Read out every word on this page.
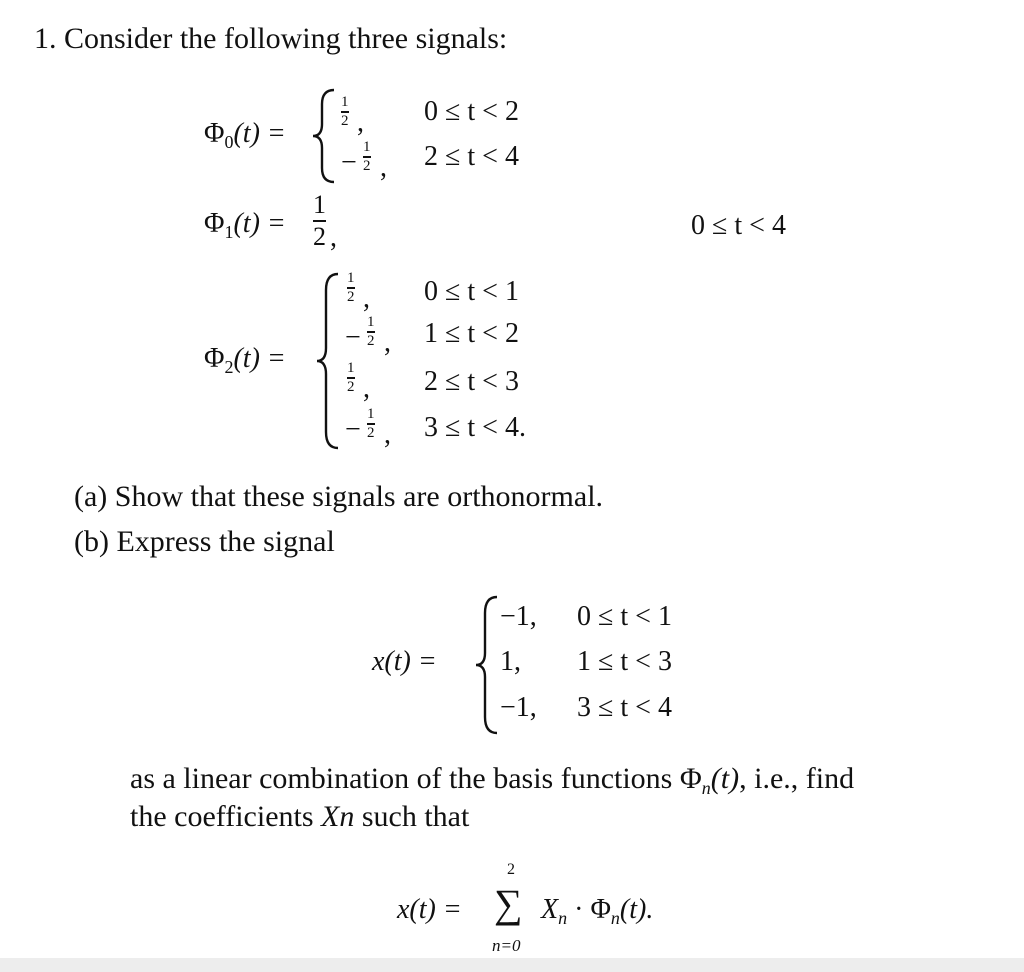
1. Consider the following three signals:
$\Phi_0(t)$ =
1
2 , 0 ≤ t < 2
− 1
2 , 2 ≤ t < 4
$\Phi_1(t)$ =
1
2 ,	0 ≤ t < 4
$\Phi_2(t)$ =
1
2 , 0 ≤ t < 1
− 1
2 , 1 ≤ t < 2
1
2 , 2 ≤ t < 3
− 1
2 , 3 ≤ t < 4.
(a) Show that these signals are orthonormal.
(b) Express the signal
x(t) =
−1, 0 ≤ t < 1
1, 1 ≤ t < 3
−1, 3 ≤ t < 4
as a linear combination of the basis functions $\Phi_n(t)$, i.e., find
the coefficients Xn such that
x(t) =
2
∑
n=0
$X_n \cdot \Phi_n(t)$.
